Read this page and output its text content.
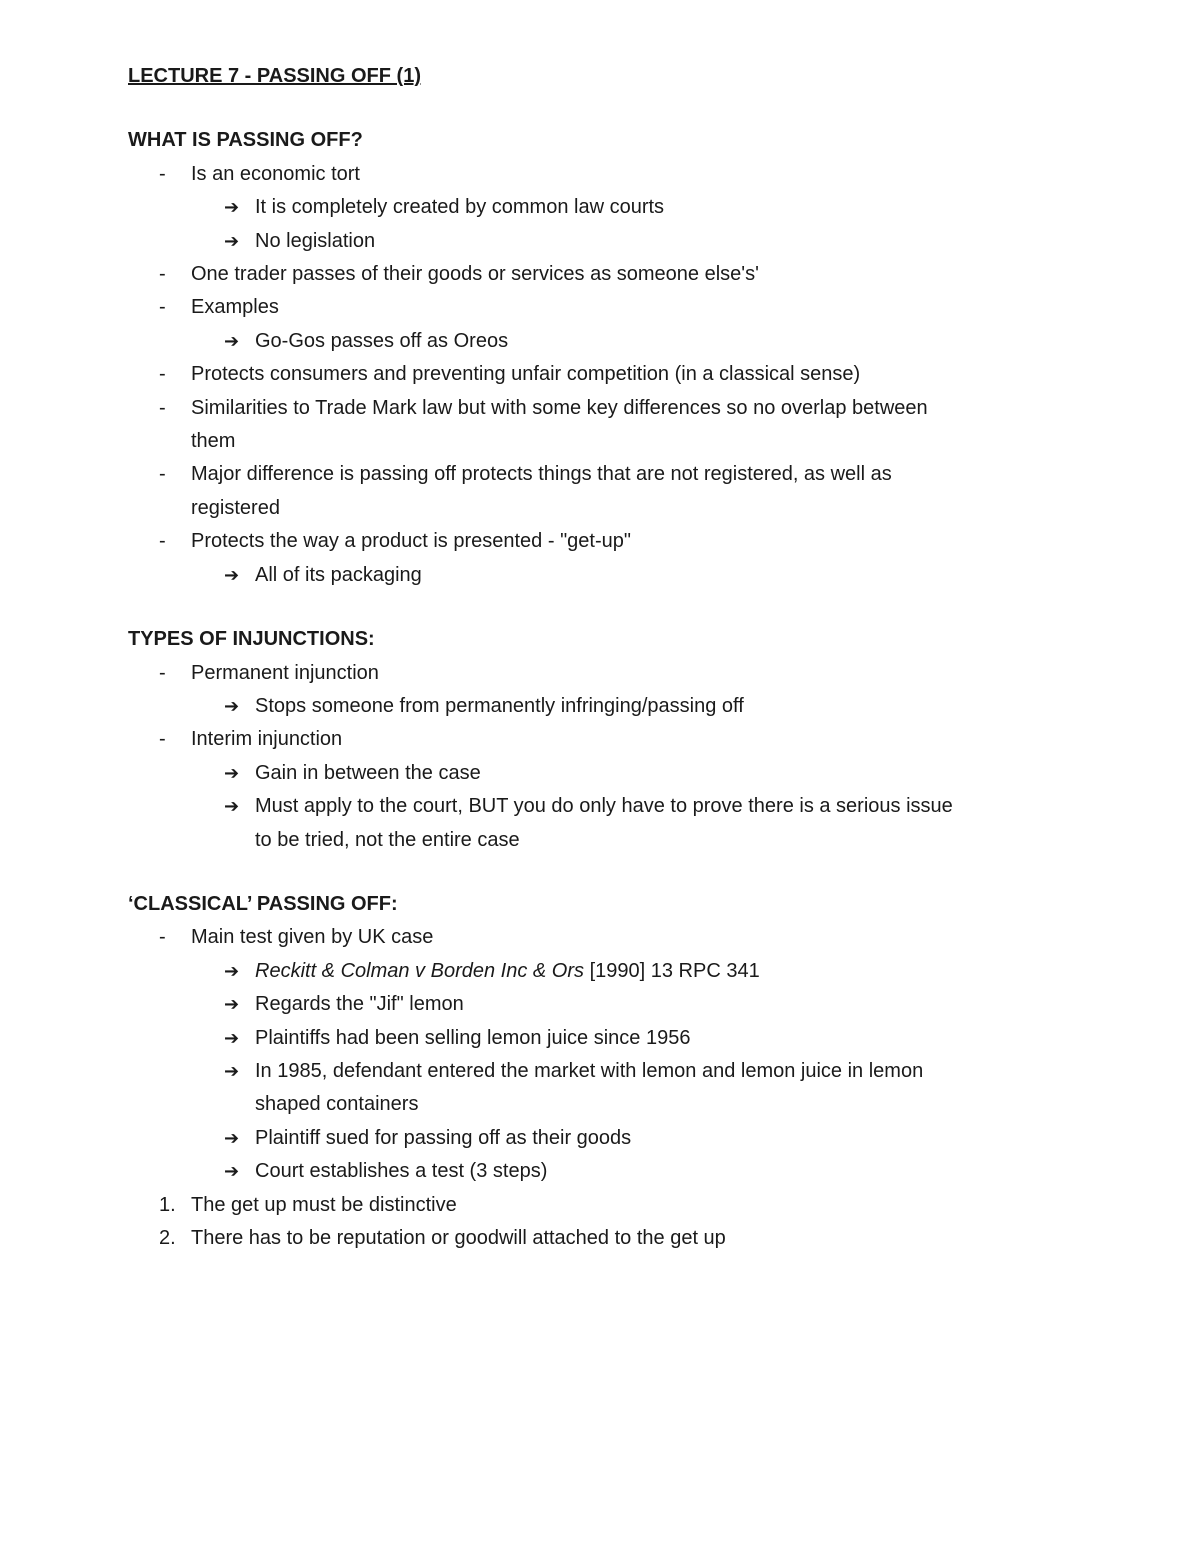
LECTURE 7 - PASSING OFF (1)
WHAT IS PASSING OFF?
- Is an economic tort
➔ It is completely created by common law courts
➔ No legislation
- One trader passes of their goods or services as someone else's'
- Examples
➔ Go-Gos passes off as Oreos
- Protects consumers and preventing unfair competition (in a classical sense)
- Similarities to Trade Mark law but with some key differences so no overlap between them
- Major difference is passing off protects things that are not registered, as well as registered
- Protects the way a product is presented - "get-up"
➔ All of its packaging
TYPES OF INJUNCTIONS:
- Permanent injunction
➔ Stops someone from permanently infringing/passing off
- Interim injunction
➔ Gain in between the case
➔ Must apply to the court, BUT you do only have to prove there is a serious issue to be tried, not the entire case
‘CLASSICAL’ PASSING OFF:
- Main test given by UK case
➔ Reckitt & Colman v Borden Inc & Ors [1990] 13 RPC 341
➔ Regards the "Jif" lemon
➔ Plaintiffs had been selling lemon juice since 1956
➔ In 1985, defendant entered the market with lemon and lemon juice in lemon shaped containers
➔ Plaintiff sued for passing off as their goods
➔ Court establishes a test (3 steps)
1. The get up must be distinctive
2. There has to be reputation or goodwill attached to the get up
